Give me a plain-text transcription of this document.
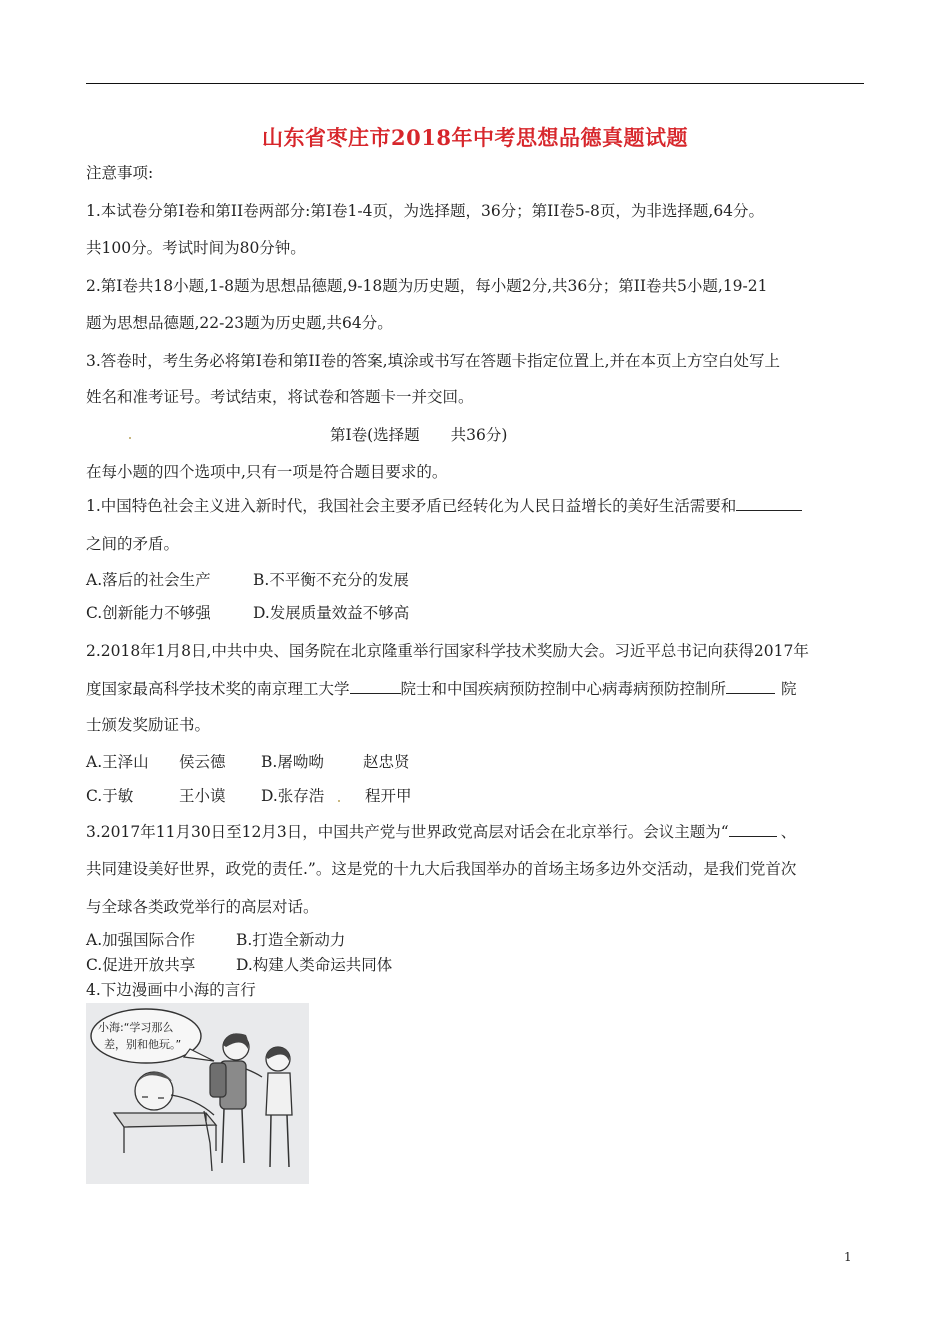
山东省枣庄市2018年中考思想品德真题试题
注意事项:
1.本试卷分第Ⅰ卷和第II卷两部分:第Ⅰ卷1-4页，为选择题，36分；第II卷5-8页，为非选择题,64分。
共100分。考试时间为80分钟。
2.第Ⅰ卷共18小题,1-8题为思想品德题,9-18题为历史题，每小题2分,共36分；第II卷共5小题,19-21
题为思想品德题,22-23题为历史题,共64分。
3.答卷时，考生务必将第Ⅰ卷和第II卷的答案,填涂或书写在答题卡指定位置上,并在本页上方空白处写上
姓名和准考证号。考试结束，将试卷和答题卡一并交回。
第Ⅰ卷(选择题　　共36分)
在每小题的四个选项中,只有一项是符合题目要求的。
1.中国特色社会主义进入新时代，我国社会主要矛盾已经转化为人民日益增长的美好生活需要和
之间的矛盾。
A.落后的社会生产	B.不平衡不充分的发展
C.创新能力不够强	D.发展质量效益不够高
2.2018年1月8日,中共中央、国务院在北京隆重举行国家科学技术奖励大会。习近平总书记向获得2017年
度国家最高科学技术奖的南京理工大学	院士和中国疾病预防控制中心病毒病预防控制所	院
士颁发奖励证书。
A.王泽山 侯云德 B.屠呦呦	赵忠贤
C.于敏	王小谟 D.张存浩	程开甲
3.2017年11月30日至12月3日，中国共产党与世界政党高层对话会在北京举行。会议主题为“	、
共同建设美好世界，政党的责任.”。这是党的十九大后我国举办的首场主场多边外交活动，是我们党首次
与全球各类政党举行的高层对话。
A.加强国际合作	B.打造全新动力
C.促进开放共享	D.构建人类命运共同体
4.下边漫画中小海的言行
小海:“学习那么
差，别和他玩。”
1
